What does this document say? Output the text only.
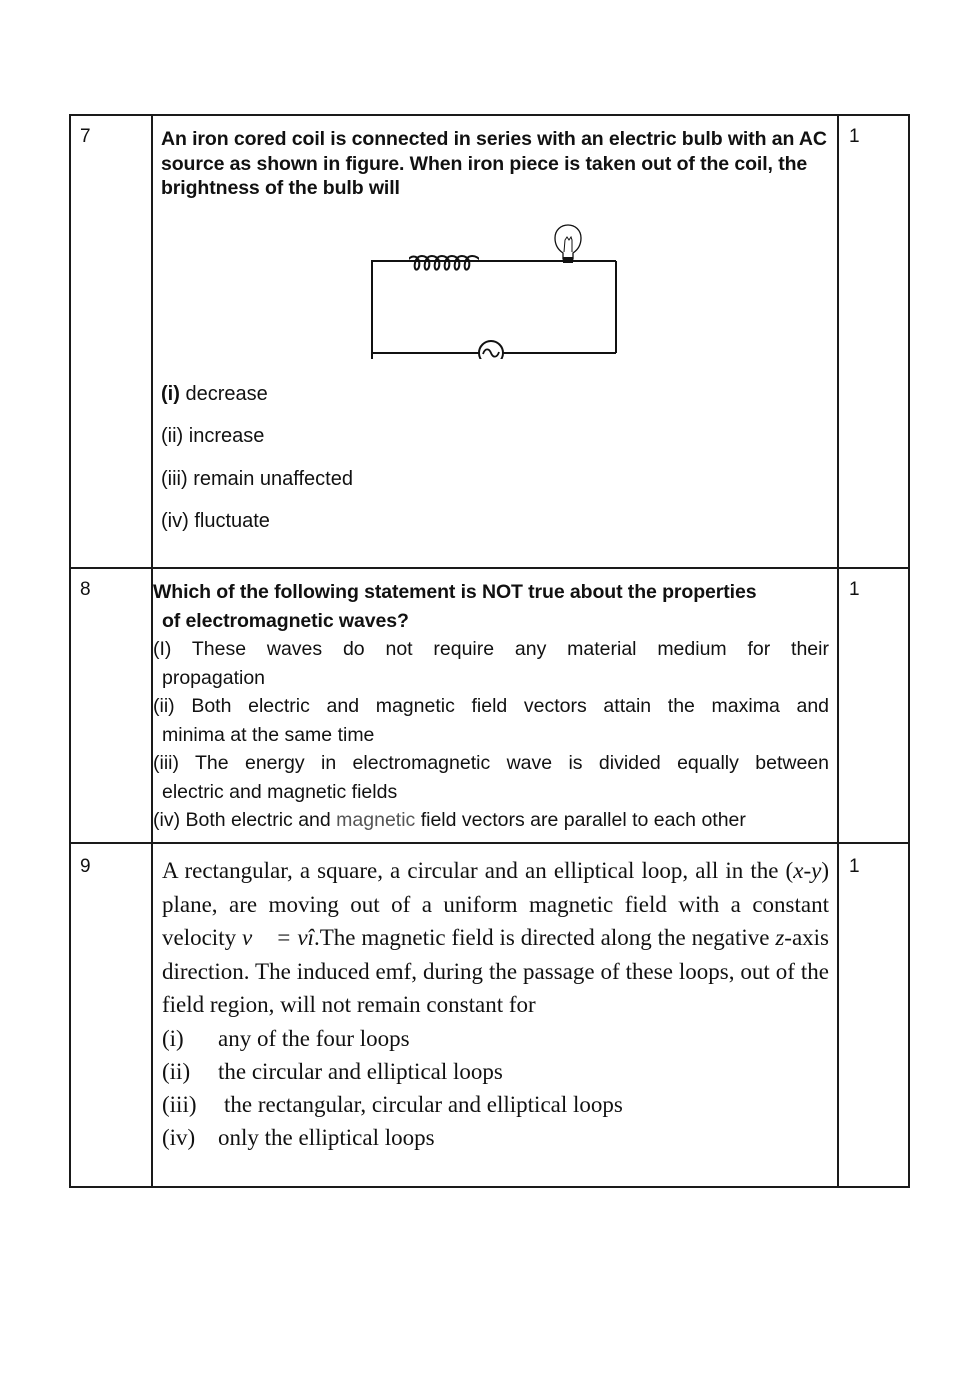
7	An iron cored coil is connected in series with an electric bulb with an AC source as shown in figure. When iron piece is taken out of the coil, the brightness of the bulb will
(i) decrease
(ii) increase
(iii) remain unaffected
(iv) fluctuate
1
8	Which of the following statement is NOT true about the properties
of electromagnetic waves?
(I) These waves do not require any material medium for their
propagation
(ii) Both electric and magnetic field vectors attain the maxima and
minima at the same time
(iii) The energy in electromagnetic wave is divided equally between
electric and magnetic fields
(iv) Both electric and magnetic field vectors are parallel to each other
1
9	A rectangular, a square, a circular and an elliptical loop, all in the (x-y) plane, are moving out of a uniform magnetic field with a constant velocity v⃗ = vî.The magnetic field is directed along the negative z-axis direction. The induced emf, during the passage of these loops, out of the field region, will not remain constant for
(i)	any of the four loops
(ii)	the circular and elliptical loops
(iii)	the rectangular, circular and elliptical loops
(iv) only the elliptical loops
1
